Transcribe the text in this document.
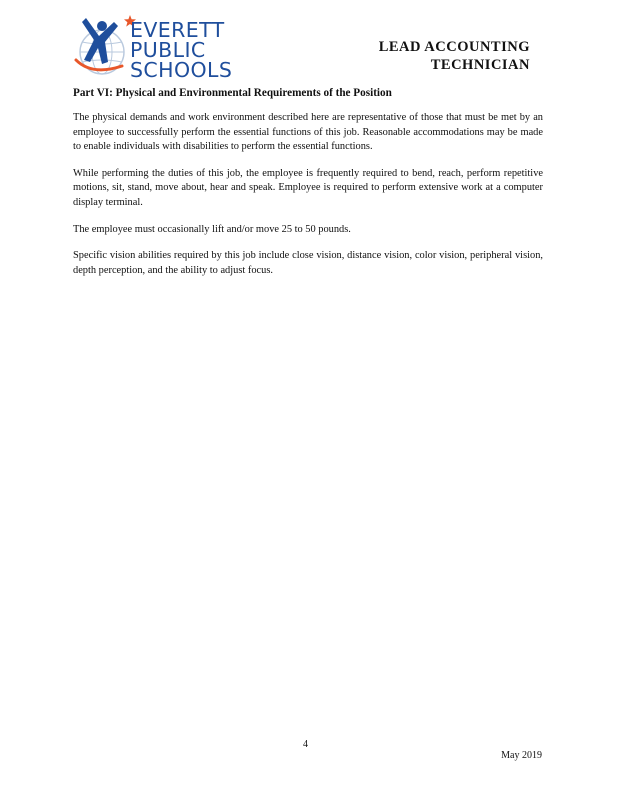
EVERETT
PUBLIC
SCHOOLS
LEAD ACCOUNTING
TECHNICIAN
Part VI: Physical and Environmental Requirements of the Position

The physical demands and work environment described here are representative of those that must be met by an employee to successfully perform the essential functions of this job. Reasonable accommodations may be made to enable individuals with disabilities to perform the essential functions.

While performing the duties of this job, the employee is frequently required to bend, reach, perform repetitive motions, sit, stand, move about, hear and speak. Employee is required to perform extensive work at a computer display terminal.

The employee must occasionally lift and/or move 25 to 50 pounds.

Specific vision abilities required by this job include close vision, distance vision, color vision, peripheral vision, depth perception, and the ability to adjust focus.

4
May 2019
